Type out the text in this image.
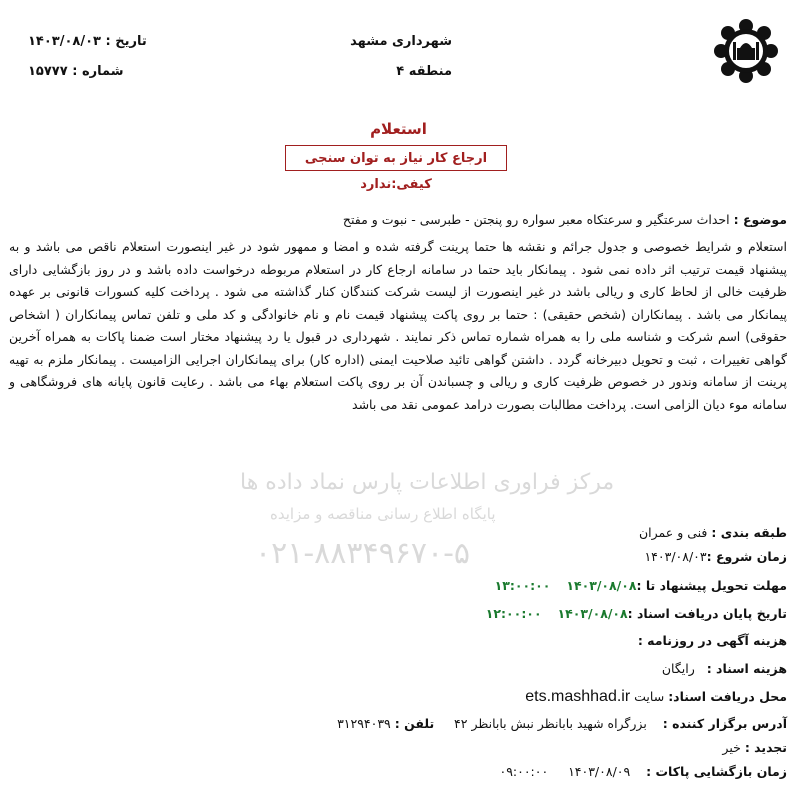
شهرداری مشهد
منطقه ۴
تاریخ : ۱۴۰۳/۰۸/۰۳
شماره : ۱۵۷۷۷
مرکز فراوری اطلاعات پارس نماد داده ها
پایگاه اطلاع رسانی مناقصه و مزایده
۰۲۱-۸۸۳۴۹۶۷۰-۵
استعلام
ارجاع کار نیاز به توان سنجی کیفی:ندارد
موضوع : احداث سرعتگیر و سرعتکاه معبر سواره رو پنجتن - طبرسی - نبوت و مفتح
استعلام و شرایط خصوصی و جدول جرائم و نقشه ها حتما پرینت گرفته شده و امضا و ممهور شود در غیر اینصورت استعلام ناقص می باشد و به پیشنهاد قیمت ترتیب اثر داده نمی شود . پیمانکار باید حتما در سامانه ارجاع کار در استعلام مربوطه درخواست داده باشد و در روز بازگشایی دارای ظرفیت خالی از لحاظ کاری و ریالی باشد در غیر اینصورت از لیست شرکت کنندگان کنار گذاشته می شود . پرداخت کلیه کسورات قانونی بر عهده پیمانکار می باشد . پیمانکاران (شخص حقیقی) : حتما بر روی پاکت پیشنهاد قیمت نام و نام خانوادگی و کد ملی و تلفن تماس پیمانکاران ( اشخاص حقوقی) اسم شرکت و شناسه ملی را به همراه شماره تماس ذکر نمایند . شهرداری در قبول یا رد پیشنهاد مختار است ضمنا پاکات به همراه آخرین گواهی تغییرات ، ثبت و تحویل دبیرخانه گردد . داشتن گواهی تائید صلاحیت ایمنی (اداره کار) برای پیمانکاران اجرایی الزامیست . پیمانکار ملزم به تهیه پرینت از سامانه وندور در خصوص ظرفیت کاری و ریالی و چسباندن آن بر روی پاکت استعلام بهاء می باشد . رعایت قانون پایانه های فروشگاهی و سامانه موء دیان الزامی است. پرداخت مطالبات بصورت درامد عمومی نقد می باشد
طبقه بندی : فنی و عمران
زمان شروع :۱۴۰۳/۰۸/۰۳
مهلت تحویل پیشنهاد تا :۱۴۰۳/۰۸/۰۸    ۱۳:۰۰:۰۰
تاریخ پایان دریافت اسناد :۱۴۰۳/۰۸/۰۸    ۱۲:۰۰:۰۰
هزینه آگهی در روزنامه :
هزینه اسناد :   رایگان
محل دریافت اسناد: سایت ets.mashhad.ir
آدرس برگزار کننده :    بزرگراه شهید بابانظر نبش بابانظر ۴۲     تلفن : ۳۱۲۹۴۰۳۹
تجدید : خیر
زمان بازگشایی پاکات :    ۱۴۰۳/۰۸/۰۹     ۰۹:۰۰:۰۰
